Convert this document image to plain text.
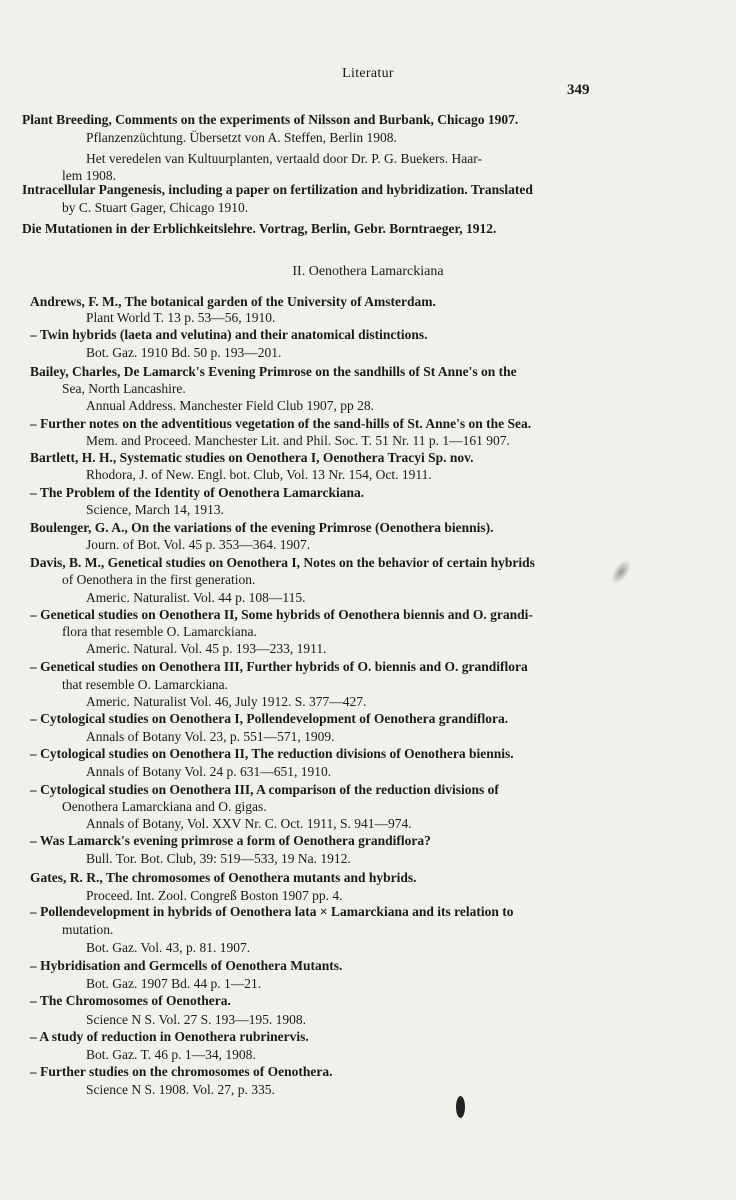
Literatur
349
Plant Breeding, Comments on the experiments of Nilsson and Burbank, Chicago 1907.
Pflanzenzüchtung. Übersetzt von A. Steffen, Berlin 1908.
Het veredelen van Kultuurplanten, vertaald door Dr. P. G. Buekers. Haar-
lem 1908.
Intracellular Pangenesis, including a paper on fertilization and hybridization. Translated
by C. Stuart Gager, Chicago 1910.
Die Mutationen in der Erblichkeitslehre. Vortrag, Berlin, Gebr. Borntraeger, 1912.
II. Oenothera Lamarckiana
Andrews, F. M., The botanical garden of the University of Amsterdam.
Plant World T. 13 p. 53—56, 1910.
– Twin hybrids (laeta and velutina) and their anatomical distinctions.
Bot. Gaz. 1910 Bd. 50 p. 193—201.
Bailey, Charles, De Lamarck's Evening Primrose on the sandhills of St Anne's on the
Sea, North Lancashire.
Annual Address. Manchester Field Club 1907, pp 28.
– Further notes on the adventitious vegetation of the sand-hills of St. Anne's on the Sea.
Mem. and Proceed. Manchester Lit. and Phil. Soc. T. 51 Nr. 11 p. 1—161 907.
Bartlett, H. H., Systematic studies on Oenothera I, Oenothera Tracyi Sp. nov.
Rhodora, J. of New. Engl. bot. Club, Vol. 13 Nr. 154, Oct. 1911.
– The Problem of the Identity of Oenothera Lamarckiana.
Science, March 14, 1913.
Boulenger, G. A., On the variations of the evening Primrose (Oenothera biennis).
Journ. of Bot. Vol. 45 p. 353—364. 1907.
Davis, B. M., Genetical studies on Oenothera I, Notes on the behavior of certain hybrids
of Oenothera in the first generation.
Americ. Naturalist. Vol. 44 p. 108—115.
– Genetical studies on Oenothera II, Some hybrids of Oenothera biennis and O. grandi-
flora that resemble O. Lamarckiana.
Americ. Natural. Vol. 45 p. 193—233, 1911.
– Genetical studies on Oenothera III, Further hybrids of O. biennis and O. grandiflora
that resemble O. Lamarckiana.
Americ. Naturalist Vol. 46, July 1912. S. 377—427.
– Cytological studies on Oenothera I, Pollendevelopment of Oenothera grandiflora.
Annals of Botany Vol. 23, p. 551—571, 1909.
– Cytological studies on Oenothera II, The reduction divisions of Oenothera biennis.
Annals of Botany Vol. 24 p. 631—651, 1910.
– Cytological studies on Oenothera III, A comparison of the reduction divisions of
Oenothera Lamarckiana and O. gigas.
Annals of Botany, Vol. XXV Nr. C. Oct. 1911, S. 941—974.
– Was Lamarck's evening primrose a form of Oenothera grandiflora?
Bull. Tor. Bot. Club, 39: 519—533, 19 Na. 1912.
Gates, R. R., The chromosomes of Oenothera mutants and hybrids.
Proceed. Int. Zool. Congreß Boston 1907 pp. 4.
– Pollendevelopment in hybrids of Oenothera lata × Lamarckiana and its relation to
mutation.
Bot. Gaz. Vol. 43, p. 81. 1907.
– Hybridisation and Germcells of Oenothera Mutants.
Bot. Gaz. 1907 Bd. 44 p. 1—21.
– The Chromosomes of Oenothera.
Science N S. Vol. 27 S. 193—195. 1908.
– A study of reduction in Oenothera rubrinervis.
Bot. Gaz. T. 46 p. 1—34, 1908.
– Further studies on the chromosomes of Oenothera.
Science N S. 1908. Vol. 27, p. 335.
